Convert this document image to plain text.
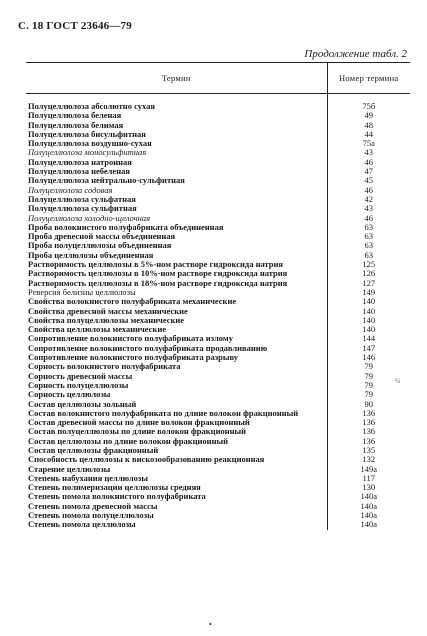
С. 18 ГОСТ 23646—79
Продолжение табл. 2
Термин	Номер термина
Полуцеллюлоза абсолютно сухая	75б
Полуцеллюлоза беленая	49
Полуцеллюлоза белимая	48
Полуцеллюлоза бисульфитная	44
Полуцеллюлоза воздушно-сухая	75а
Полуцеллюлоза моносульфитная	43
Полуцеллюлоза натронная	46
Полуцеллюлоза небеленая	47
Полуцеллюлоза нейтрально-сульфитная	45
Полуцеллюлоза содовая	46
Полуцеллюлоза сульфатная	42
Полуцеллюлоза сульфитная	43
Полуцеллюлоза холодно-щелочная	46
Проба волокнистого полуфабриката объединенная	63
Проба древесной массы объединенная	63
Проба полуцеллюлозы объединенная	63
Проба целлюлозы объединенная	63
Растворимость целлюлозы в 5%-ном растворе гидроксида натрия	125
Растворимость целлюлозы в 10%-ном растворе гидроксида натрия	126
Растворимость целлюлозы в 18%-ном растворе гидроксида натрия	127
Реверсия белизны целлюлозы	149
Свойства волокнистого полуфабриката механические	140
Свойства древесной массы механические	140
Свойства полуцеллюлозы механические	140
Свойства целлюлозы механические	140
Сопротивление волокнистого полуфабриката излому	144
Сопротивление волокнистого полуфабриката продавливанию	147
Сопротивление волокнистого полуфабриката разрыву	146
Сорность волокнистого полуфабриката	79
Сорность древесной массы	79
Сорность полуцеллюлозы	79
Сорность целлюлозы	79
Состав целлюлозы зольный	90
Состав волокнистого полуфабриката по длине волокон фракционный	136
Состав древесной массы по длине волокон фракционный	136
Состав полуцеллюлозы по длине волокон фракционный	136
Состав целлюлозы по длине волокон фракционный	136
Состав целлюлозы фракционный	135
Способность целлюлозы к вискозообразованию реакционная	132
Старение целлюлозы	149а
Степень набухания целлюлозы	117
Степень полимеризации целлюлозы средняя	130
Степень помола волокнистого полуфабриката	140а
Степень помола древесной массы	140а
Степень помола полуцеллюлозы	140а
Степень помола целлюлозы	140а
½
•
